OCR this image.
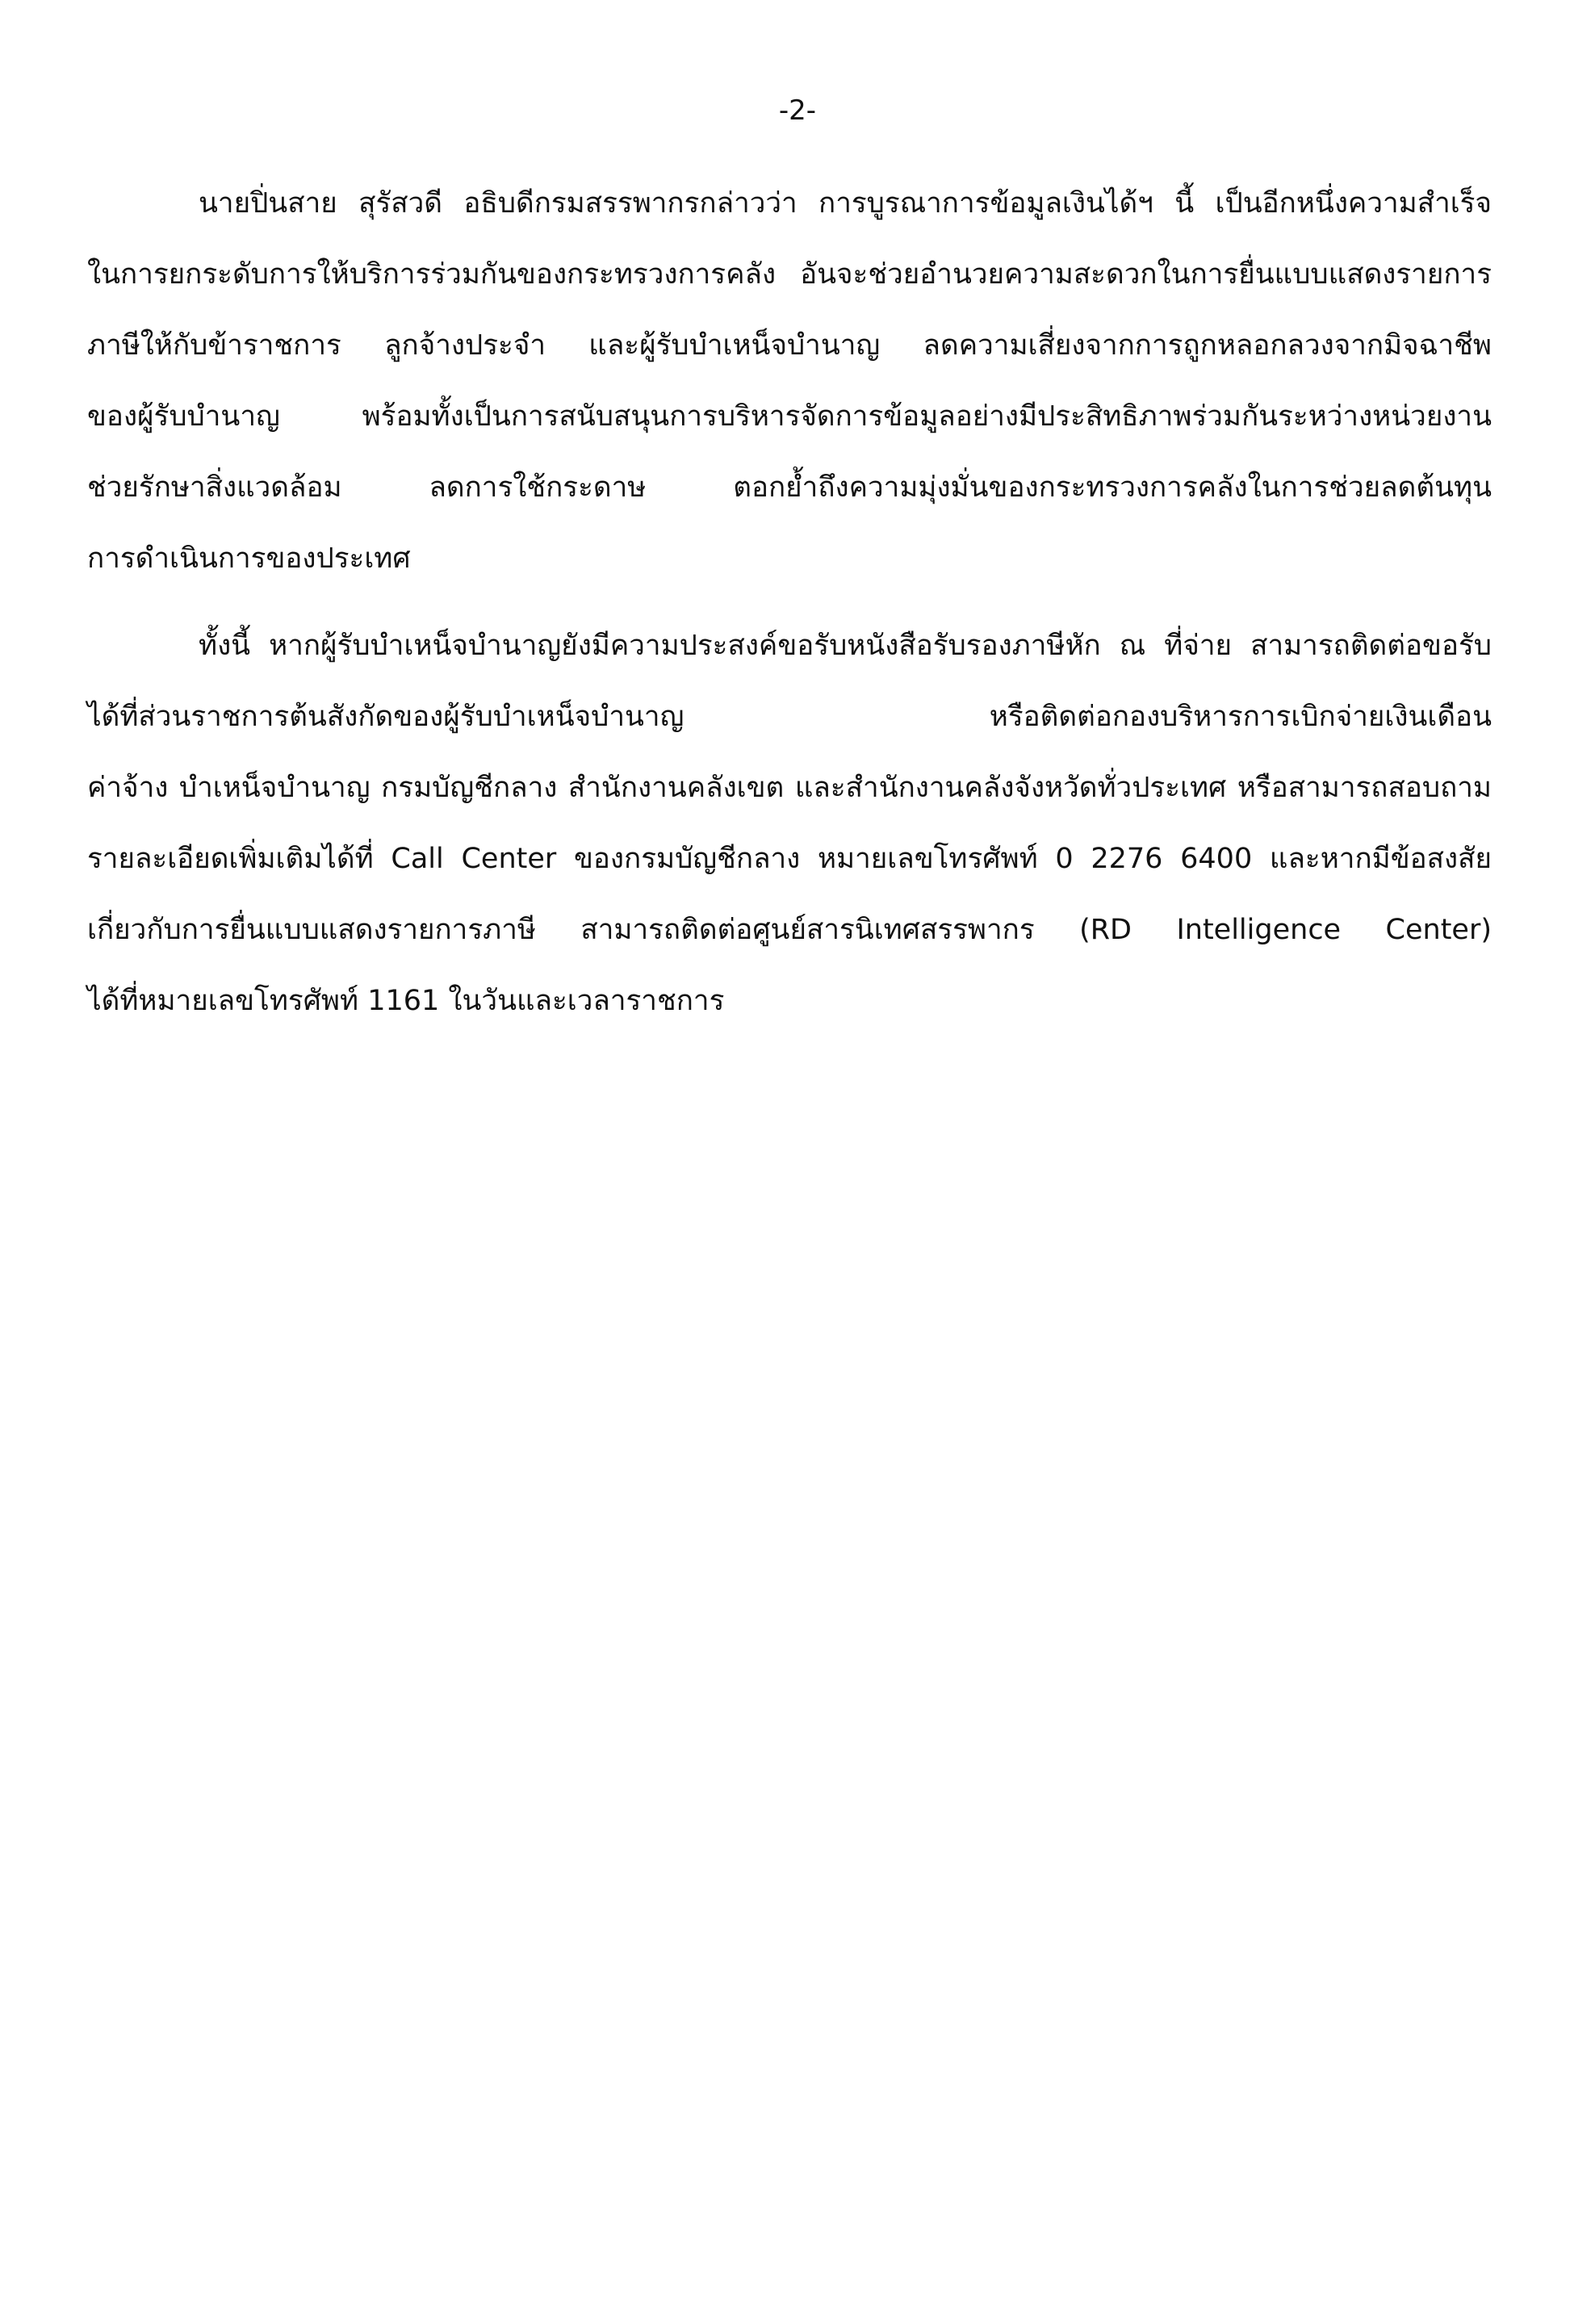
-2-

นายปิ่นสาย สุรัสวดี อธิบดีกรมสรรพากรกล่าวว่า การบูรณาการข้อมูลเงินได้ฯ นี้ เป็นอีกหนึ่งความสำเร็จ
ในการยกระดับการให้บริการร่วมกันของกระทรวงการคลัง อันจะช่วยอำนวยความสะดวกในการยื่นแบบแสดงรายการ
ภาษีให้กับข้าราชการ ลูกจ้างประจำ และผู้รับบำเหน็จบำนาญ ลดความเสี่ยงจากการถูกหลอกลวงจากมิจฉาชีพ
ของผู้รับบำนาญ พร้อมทั้งเป็นการสนับสนุนการบริหารจัดการข้อมูลอย่างมีประสิทธิภาพร่วมกันระหว่างหน่วยงาน
ช่วยรักษาสิ่งแวดล้อม ลดการใช้กระดาษ ตอกย้ำถึงความมุ่งมั่นของกระทรวงการคลังในการช่วยลดต้นทุน
การดำเนินการของประเทศ

ทั้งนี้ หากผู้รับบำเหน็จบำนาญยังมีความประสงค์ขอรับหนังสือรับรองภาษีหัก ณ ที่จ่าย สามารถติดต่อขอรับ
ได้ที่ส่วนราชการต้นสังกัดของผู้รับบำเหน็จบำนาญ หรือติดต่อกองบริหารการเบิกจ่ายเงินเดือน
ค่าจ้าง บำเหน็จบำนาญ กรมบัญชีกลาง สำนักงานคลังเขต และสำนักงานคลังจังหวัดทั่วประเทศ หรือสามารถสอบถาม
รายละเอียดเพิ่มเติมได้ที่ Call Center ของกรมบัญชีกลาง หมายเลขโทรศัพท์ 0 2276 6400 และหากมีข้อสงสัย
เกี่ยวกับการยื่นแบบแสดงรายการภาษี สามารถติดต่อศูนย์สารนิเทศสรรพากร (RD Intelligence Center)
ได้ที่หมายเลขโทรศัพท์ 1161 ในวันและเวลาราชการ
